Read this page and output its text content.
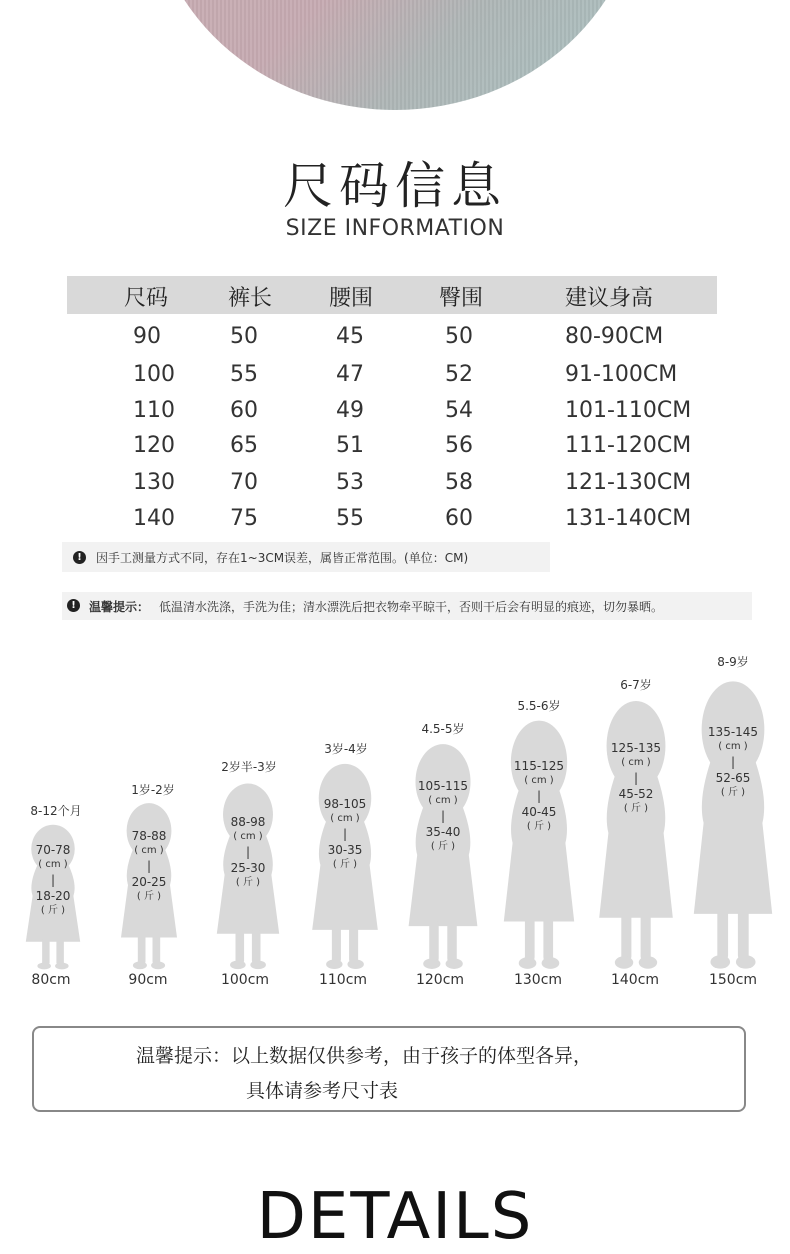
尺码信息
SIZE INFORMATION
尺码	裤长	腰围	臀围	建议身高
90	50	45	50	80-90CM
100	55	47	52	91-100CM
110	60	49	54	101-110CM
120	65	51	56	111-120CM
130	70	53	58	121-130CM
140	75	55	60	131-140CM
!	因手工测量方式不同，存在1~3CM误差，属皆正常范围。(单位：CM)
!	温馨提示： 低温清水洗涤，手洗为佳；清水漂洗后把衣物牵平晾干，否则干后会有明显的痕迹，切勿暴晒。
8-12个月
1岁-2岁
2岁半-3岁
3岁-4岁
4.5-5岁
5.5-6岁
6-7岁
8-9岁
70-78
( cm )
|
18-20
( 斤 )
78-88
( cm )
|
20-25
( 斤 )
88-98
( cm )
|
25-30
( 斤 )
98-105
( cm )
|
30-35
( 斤 )
105-115
( cm )
|
35-40
( 斤 )
115-125
( cm )
|
40-45
( 斤 )
125-135
( cm )
|
45-52
( 斤 )
135-145
( cm )
|
52-65
( 斤 )
80cm	90cm	100cm	110cm	120cm	130cm	140cm	150cm
温馨提示：以上数据仅供参考，由于孩子的体型各异，
具体请参考尺寸表
DETAILS
